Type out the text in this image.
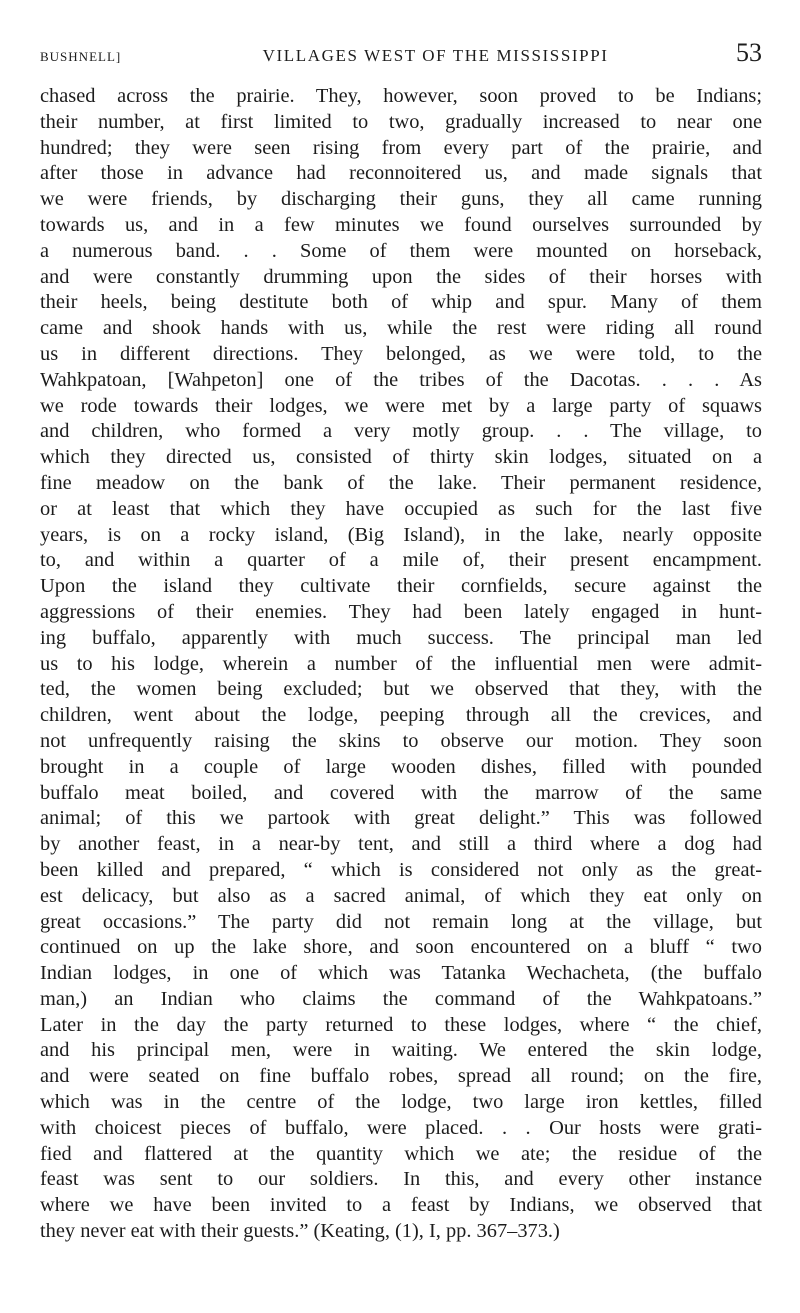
BUSHNELL]	VILLAGES WEST OF THE MISSISSIPPI	53
chased across the prairie. They, however, soon proved to be Indians;
their number, at first limited to two, gradually increased to near one
hundred; they were seen rising from every part of the prairie, and
after those in advance had reconnoitered us, and made signals that
we were friends, by discharging their guns, they all came running
towards us, and in a few minutes we found ourselves surrounded by
a numerous band. . . Some of them were mounted on horseback,
and were constantly drumming upon the sides of their horses with
their heels, being destitute both of whip and spur. Many of them
came and shook hands with us, while the rest were riding all round
us in different directions. They belonged, as we were told, to the
Wahkpatoan, [Wahpeton] one of the tribes of the Dacotas. . . . As
we rode towards their lodges, we were met by a large party of squaws
and children, who formed a very motly group. . . The village, to
which they directed us, consisted of thirty skin lodges, situated on a
fine meadow on the bank of the lake. Their permanent residence,
or at least that which they have occupied as such for the last five
years, is on a rocky island, (Big Island), in the lake, nearly opposite
to, and within a quarter of a mile of, their present encampment.
Upon the island they cultivate their cornfields, secure against the
aggressions of their enemies. They had been lately engaged in hunt-
ing buffalo, apparently with much success. The principal man led
us to his lodge, wherein a number of the influential men were admit-
ted, the women being excluded; but we observed that they, with the
children, went about the lodge, peeping through all the crevices, and
not unfrequently raising the skins to observe our motion. They soon
brought in a couple of large wooden dishes, filled with pounded
buffalo meat boiled, and covered with the marrow of the same
animal; of this we partook with great delight.” This was followed
by another feast, in a near-by tent, and still a third where a dog had
been killed and prepared, “ which is considered not only as the great-
est delicacy, but also as a sacred animal, of which they eat only on
great occasions.” The party did not remain long at the village, but
continued on up the lake shore, and soon encountered on a bluff “ two
Indian lodges, in one of which was Tatanka Wechacheta, (the buffalo
man,) an Indian who claims the command of the Wahkpatoans.”
Later in the day the party returned to these lodges, where “ the chief,
and his principal men, were in waiting. We entered the skin lodge,
and were seated on fine buffalo robes, spread all round; on the fire,
which was in the centre of the lodge, two large iron kettles, filled
with choicest pieces of buffalo, were placed. . . Our hosts were grati-
fied and flattered at the quantity which we ate; the residue of the
feast was sent to our soldiers. In this, and every other instance
where we have been invited to a feast by Indians, we observed that
they never eat with their guests.” (Keating, (1), I, pp. 367–373.)
